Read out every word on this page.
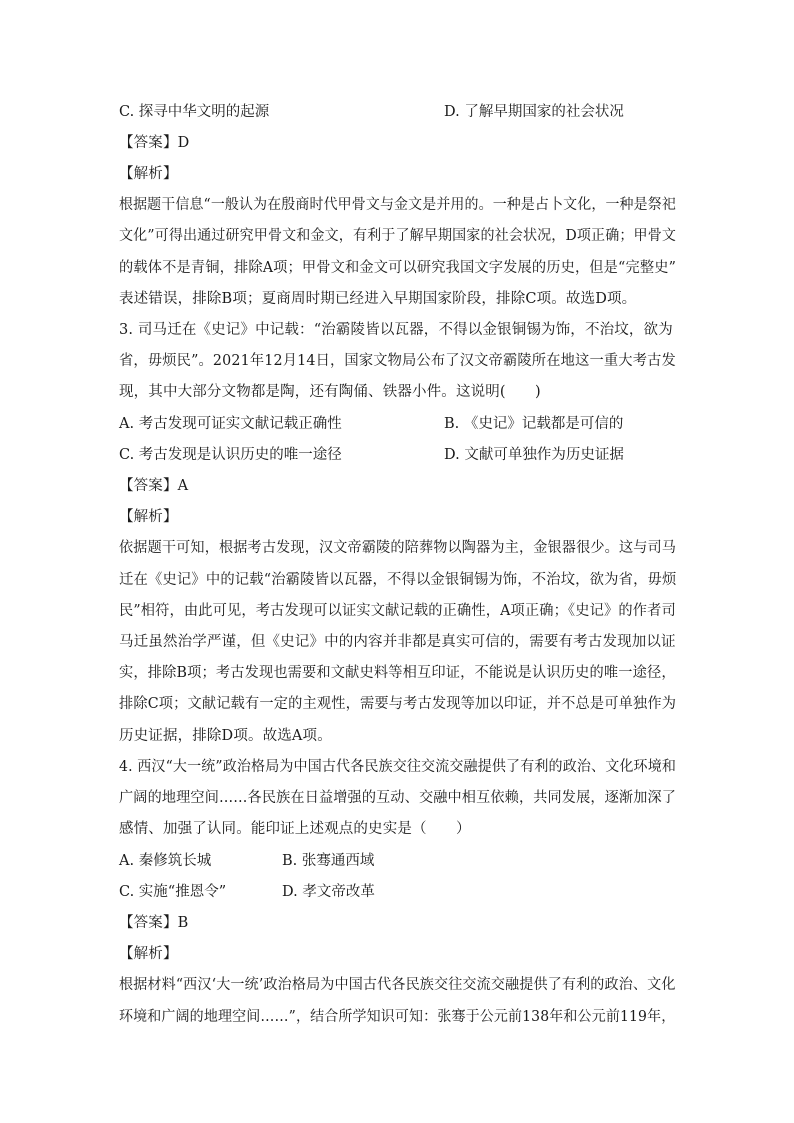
C. 探寻中华文明的起源	D. 了解早期国家的社会状况
【答案】D
【解析】
根据题干信息“一般认为在殷商时代甲骨文与金文是并用的。一种是占卜文化，一种是祭祀
文化”可得出通过研究甲骨文和金文，有利于了解早期国家的社会状况，D项正确；甲骨文
的载体不是青铜，排除A项；甲骨文和金文可以研究我国文字发展的历史，但是“完整史”
表述错误，排除B项；夏商周时期已经进入早期国家阶段，排除C项。故选D项。
3. 司马迁在《史记》中记载：“治霸陵皆以瓦器，不得以金银铜锡为饰，不治坟，欲为
省，毋烦民”。2021年12月14日，国家文物局公布了汉文帝霸陵所在地这一重大考古发
现，其中大部分文物都是陶，还有陶俑、铁器小件。这说明(　　)
A. 考古发现可证实文献记载正确性	B. 《史记》记载都是可信的
C. 考古发现是认识历史的唯一途径	D. 文献可单独作为历史证据
【答案】A
【解析】
依据题干可知，根据考古发现，汉文帝霸陵的陪葬物以陶器为主，金银器很少。这与司马
迁在《史记》中的记载“治霸陵皆以瓦器，不得以金银铜锡为饰，不治坟，欲为省，毋烦
民”相符，由此可见，考古发现可以证实文献记载的正确性，A项正确；《史记》的作者司
马迁虽然治学严谨，但《史记》中的内容并非都是真实可信的，需要有考古发现加以证
实，排除B项；考古发现也需要和文献史料等相互印证，不能说是认识历史的唯一途径，
排除C项；文献记载有一定的主观性，需要与考古发现等加以印证，并不总是可单独作为
历史证据，排除D项。故选A项。
4. 西汉“大一统”政治格局为中国古代各民族交往交流交融提供了有利的政治、文化环境和
广阔的地理空间……各民族在日益增强的互动、交融中相互依赖，共同发展，逐渐加深了
感情、加强了认同。能印证上述观点的史实是（　　）
A. 秦修筑长城	B. 张骞通西域
C. 实施“推恩令”	D. 孝文帝改革
【答案】B
【解析】
根据材料“西汉‘大一统’政治格局为中国古代各民族交往交流交融提供了有利的政治、文化
环境和广阔的地理空间……”，结合所学知识可知：张骞于公元前138年和公元前119年，
